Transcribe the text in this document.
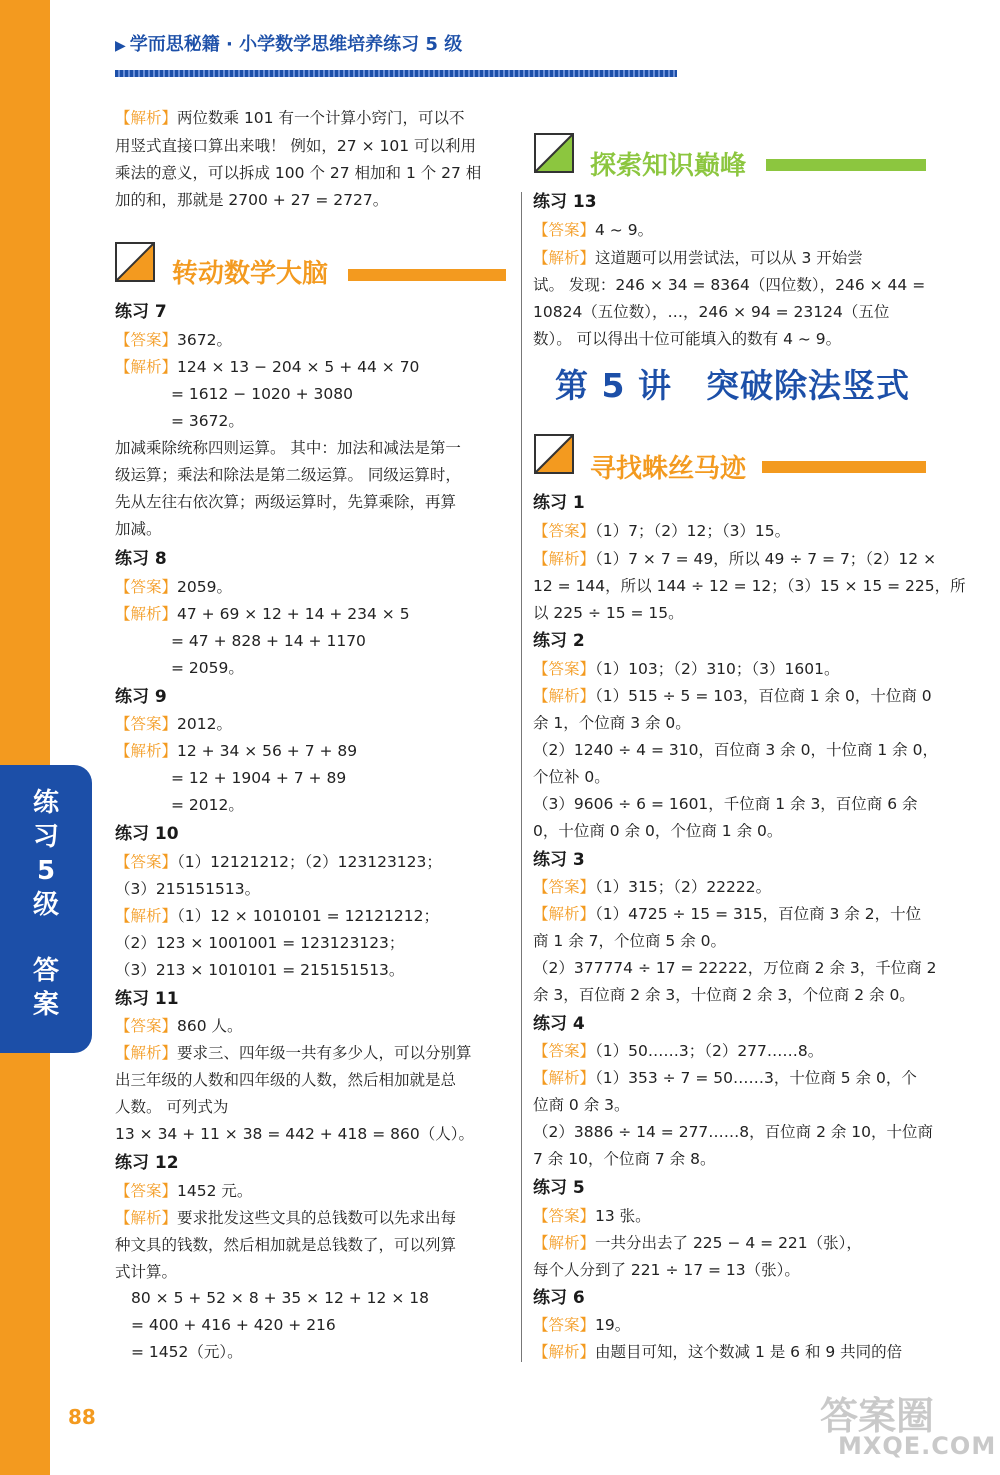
练
习
5
级
答
案
88
▶ 学而思秘籍 · 小学数学思维培养练习 5 级
转动数学大脑
探索知识巅峰
第 5 讲　突破除法竖式
寻找蛛丝马迹
【解析】两位数乘 101 有一个计算小窍门，可以不
用竖式直接口算出来哦！ 例如，27 × 101 可以利用
乘法的意义，可以拆成 100 个 27 相加和 1 个 27 相
加的和，那就是 2700 + 27 = 2727。
练习 7
【答案】3672。
【解析】124 × 13 − 204 × 5 + 44 × 70
= 1612 − 1020 + 3080
= 3672。
加减乘除统称四则运算。 其中：加法和减法是第一
级运算；乘法和除法是第二级运算。 同级运算时，
先从左往右依次算；两级运算时，先算乘除，再算
加减。
练习 8
【答案】2059。
【解析】47 + 69 × 12 + 14 + 234 × 5
= 47 + 828 + 14 + 1170
= 2059。
练习 9
【答案】2012。
【解析】12 + 34 × 56 + 7 + 89
= 12 + 1904 + 7 + 89
= 2012。
练习 10
【答案】（1）12121212；（2）123123123；
（3）215151513。
【解析】（1）12 × 1010101 = 12121212；
（2）123 × 1001001 = 123123123；
（3）213 × 1010101 = 215151513。
练习 11
【答案】860 人。
【解析】要求三、四年级一共有多少人，可以分别算
出三年级的人数和四年级的人数，然后相加就是总
人数。 可列式为
13 × 34 + 11 × 38 = 442 + 418 = 860（人）。
练习 12
【答案】1452 元。
【解析】要求批发这些文具的总钱数可以先求出每
种文具的钱数，然后相加就是总钱数了，可以列算
式计算。
80 × 5 + 52 × 8 + 35 × 12 + 12 × 18
= 400 + 416 + 420 + 216
= 1452（元）。
练习 13
【答案】4 ~ 9。
【解析】这道题可以用尝试法，可以从 3 开始尝
试。 发现：246 × 34 = 8364（四位数），246 × 44 =
10824（五位数），…，246 × 94 = 23124（五位
数）。 可以得出十位可能填入的数有 4 ~ 9。
练习 1
【答案】（1）7；（2）12；（3）15。
【解析】（1）7 × 7 = 49，所以 49 ÷ 7 = 7；（2）12 ×
12 = 144，所以 144 ÷ 12 = 12；（3）15 × 15 = 225，所
以 225 ÷ 15 = 15。
练习 2
【答案】（1）103；（2）310；（3）1601。
【解析】（1）515 ÷ 5 = 103，百位商 1 余 0，十位商 0
余 1，个位商 3 余 0。
（2）1240 ÷ 4 = 310，百位商 3 余 0，十位商 1 余 0，
个位补 0。
（3）9606 ÷ 6 = 1601，千位商 1 余 3，百位商 6 余
0，十位商 0 余 0，个位商 1 余 0。
练习 3
【答案】（1）315；（2）22222。
【解析】（1）4725 ÷ 15 = 315，百位商 3 余 2，十位
商 1 余 7，个位商 5 余 0。
（2）377774 ÷ 17 = 22222，万位商 2 余 3，千位商 2
余 3，百位商 2 余 3，十位商 2 余 3，个位商 2 余 0。
练习 4
【答案】（1）50……3；（2）277……8。
【解析】（1）353 ÷ 7 = 50……3，十位商 5 余 0，个
位商 0 余 3。
（2）3886 ÷ 14 = 277……8，百位商 2 余 10，十位商
7 余 10，个位商 7 余 8。
练习 5
【答案】13 张。
【解析】一共分出去了 225 − 4 = 221（张），
每个人分到了 221 ÷ 17 = 13（张）。
练习 6
【答案】19。
【解析】由题目可知，这个数减 1 是 6 和 9 共同的倍
答案圈
MXQE.COM
